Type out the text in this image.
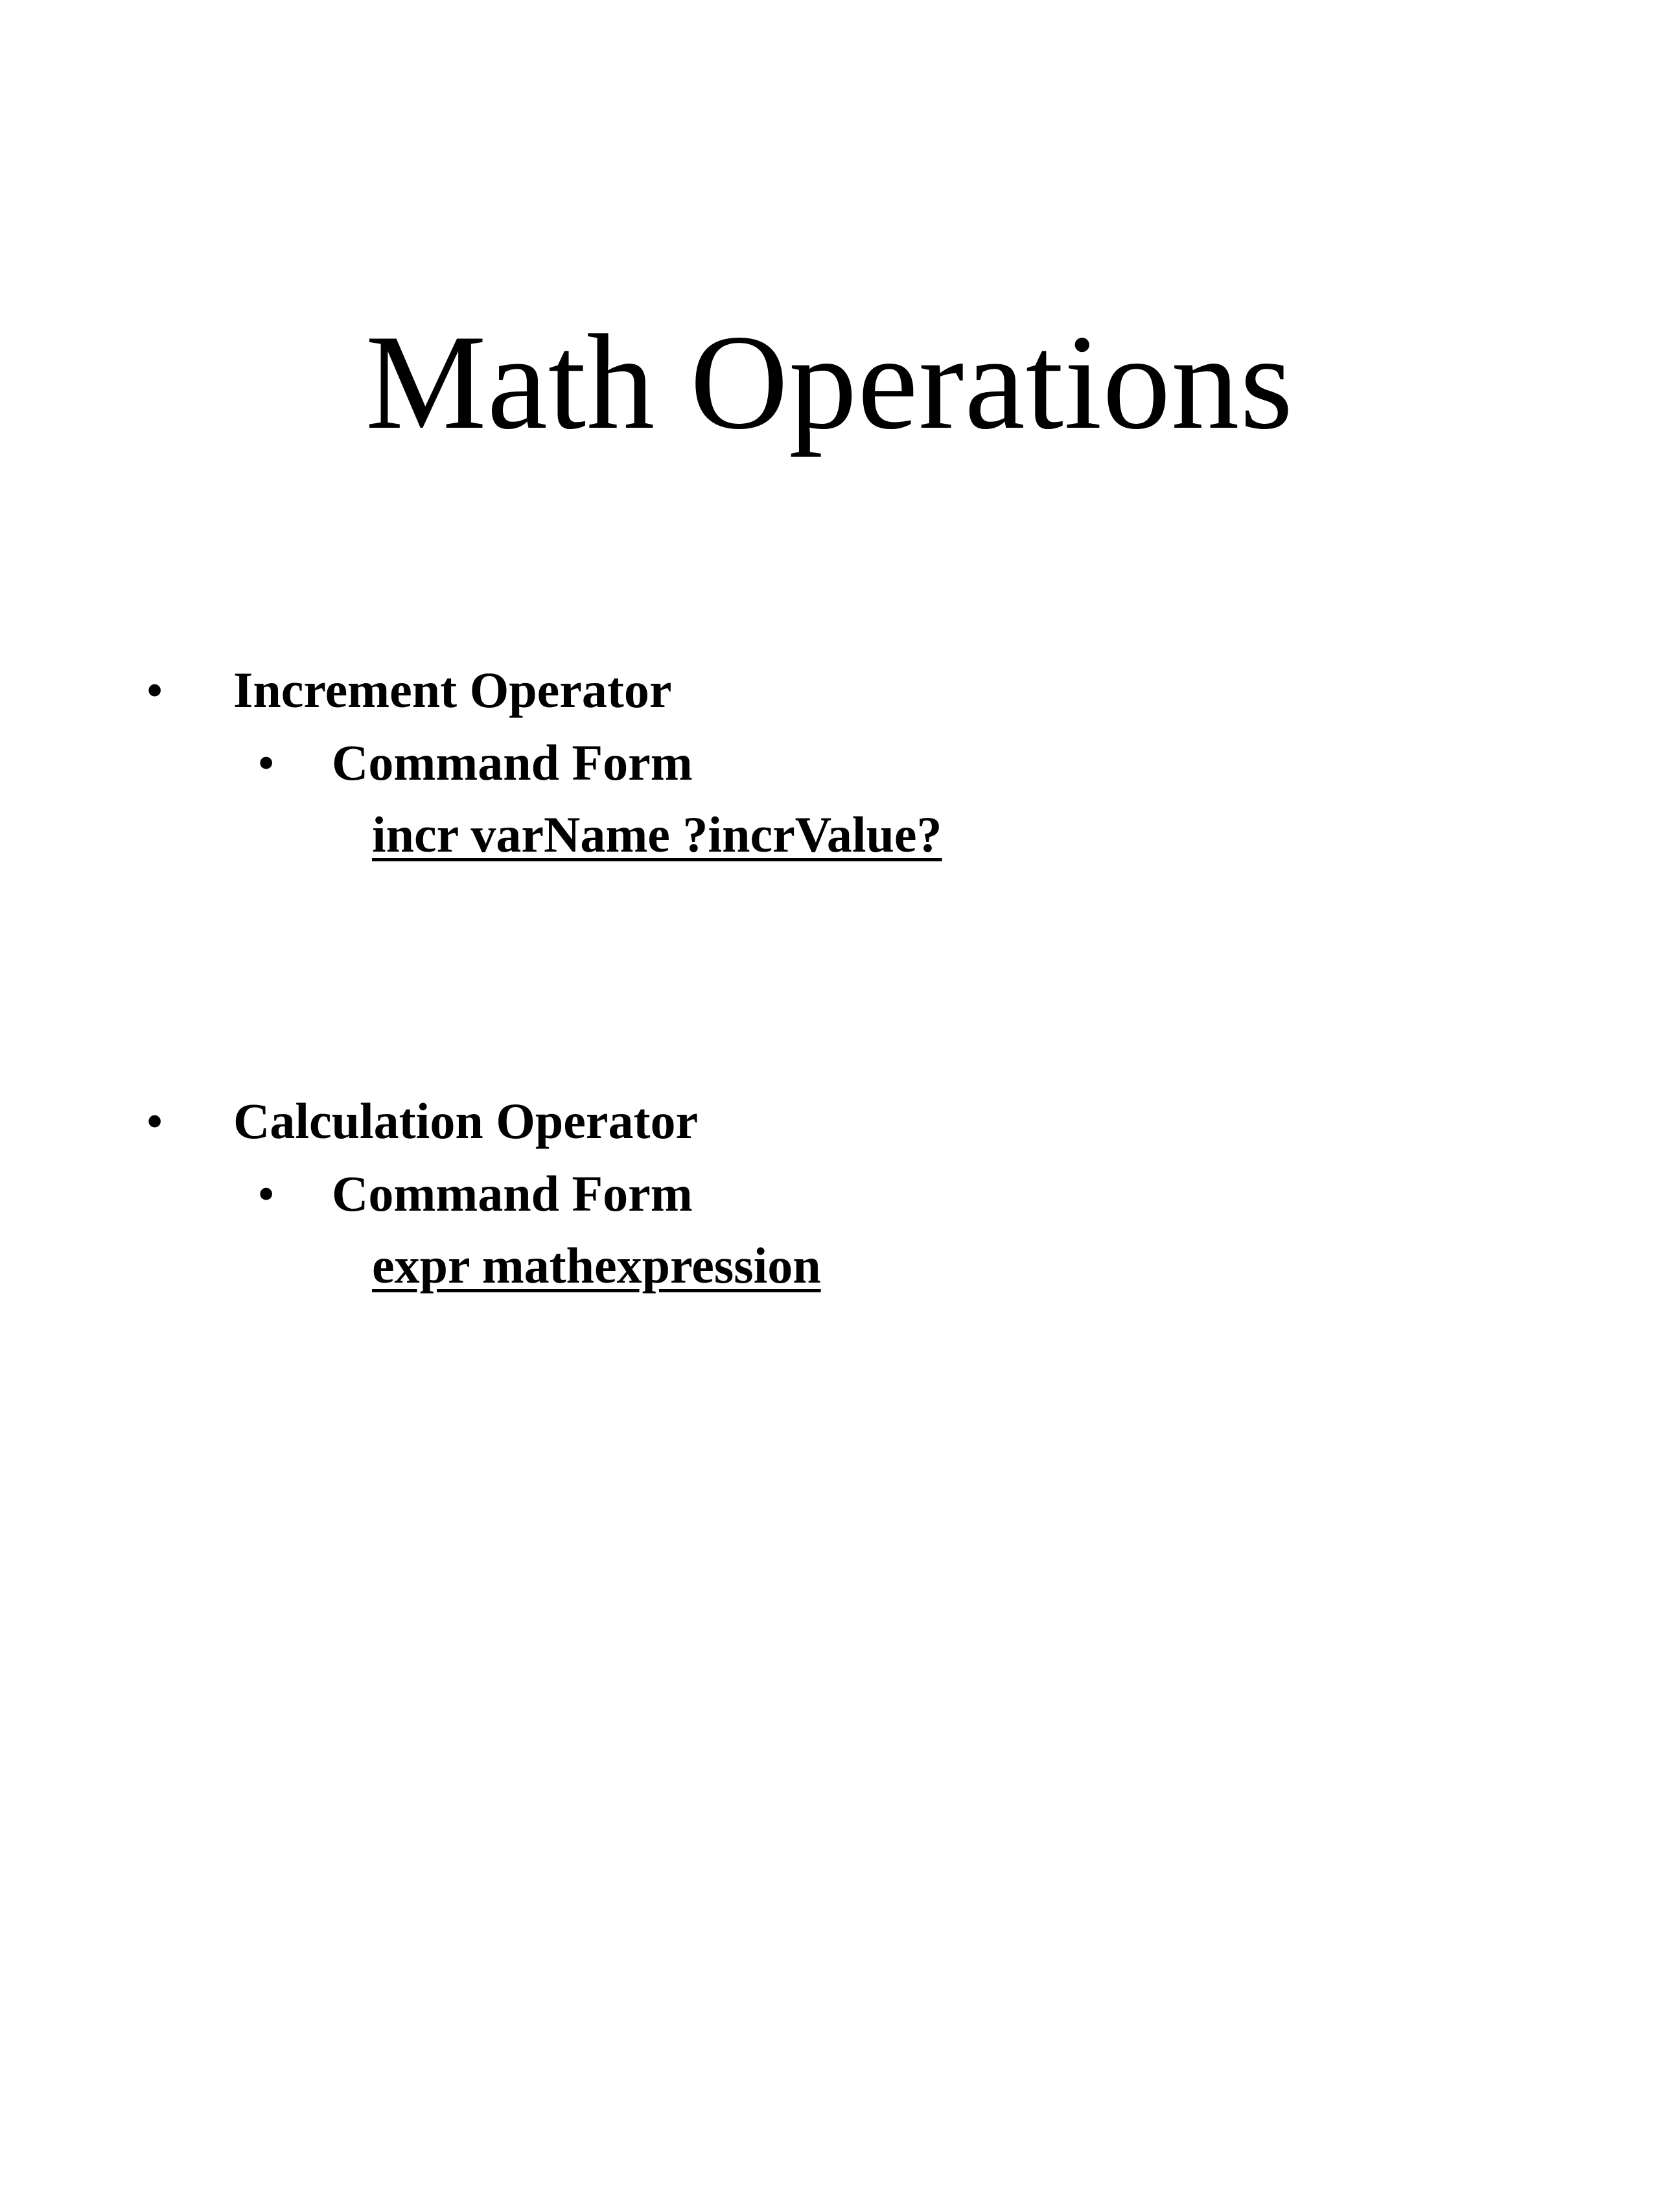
Math Operations
• Increment Operator
• Command Form
incr varName ?incrValue?
• Calculation Operator
• Command Form
expr mathexpression
